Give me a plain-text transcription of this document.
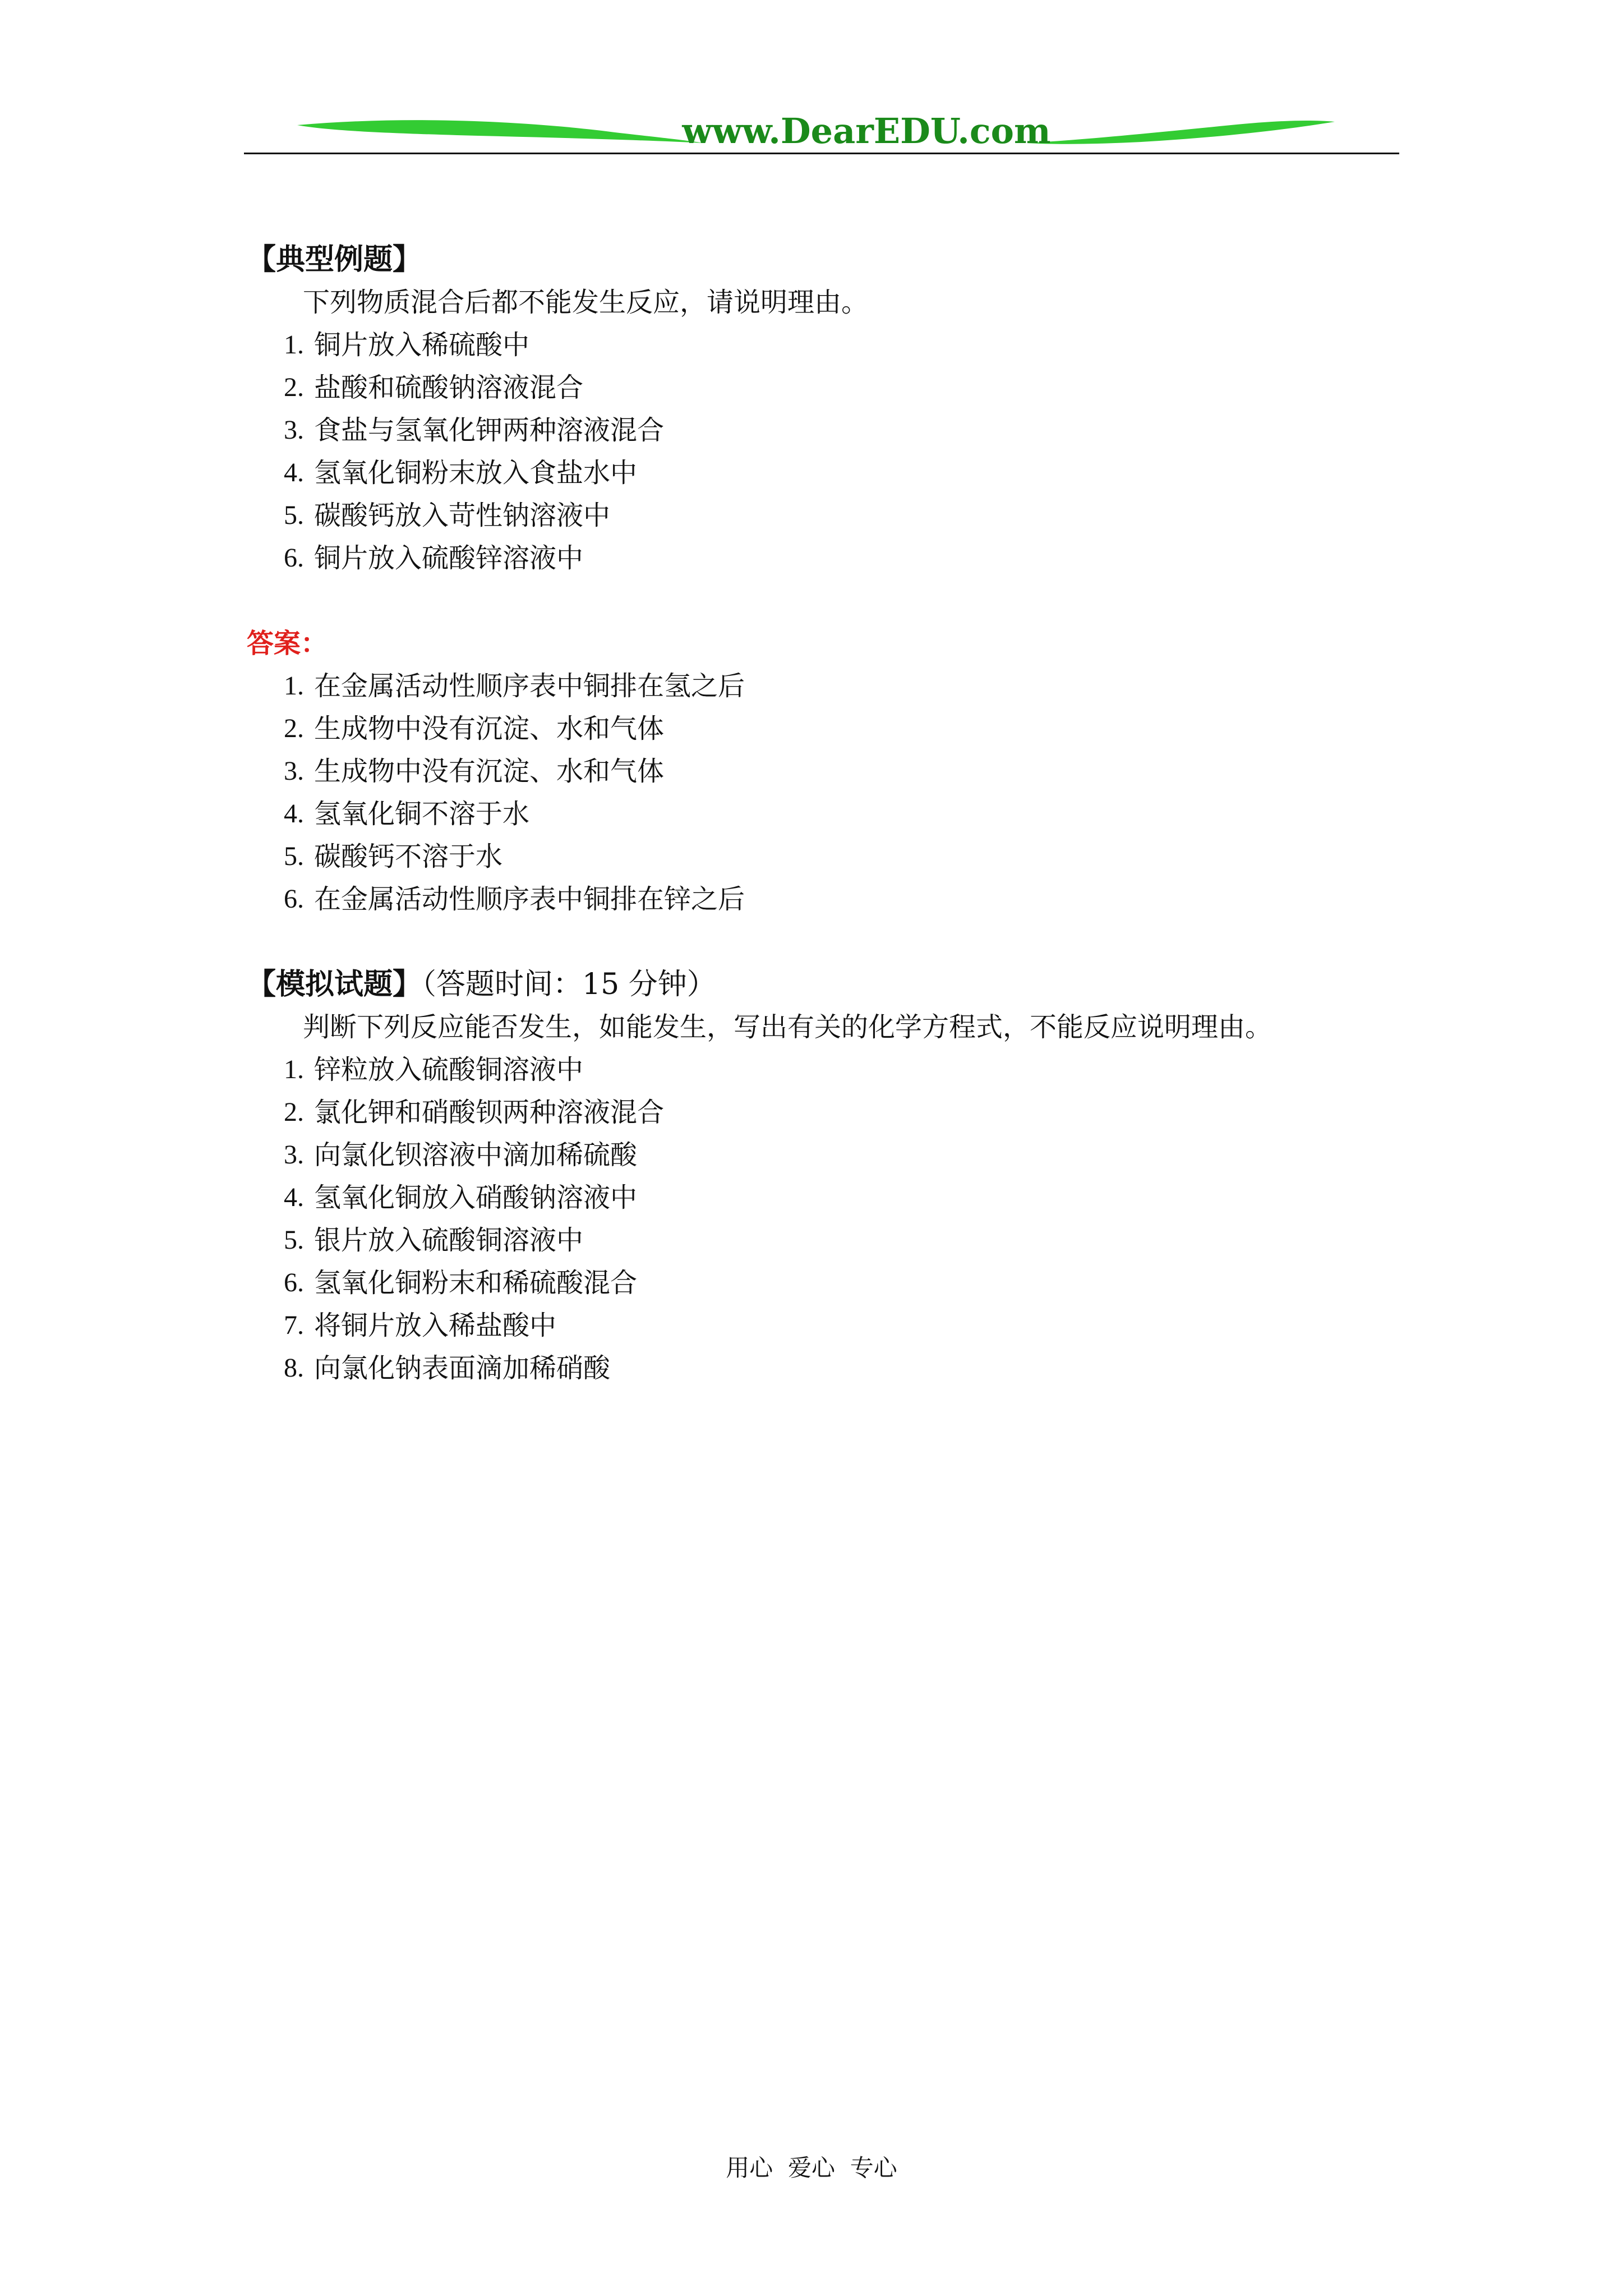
www.DearEDU.com
【典型例题】
下列物质混合后都不能发生反应，请说明理由。
1. 铜片放入稀硫酸中
2. 盐酸和硫酸钠溶液混合
3. 食盐与氢氧化钾两种溶液混合
4. 氢氧化铜粉末放入食盐水中
5. 碳酸钙放入苛性钠溶液中
6. 铜片放入硫酸锌溶液中
答案：
1. 在金属活动性顺序表中铜排在氢之后
2. 生成物中没有沉淀、水和气体
3. 生成物中没有沉淀、水和气体
4. 氢氧化铜不溶于水
5. 碳酸钙不溶于水
6. 在金属活动性顺序表中铜排在锌之后
【模拟试题】（答题时间：15 分钟）
判断下列反应能否发生，如能发生，写出有关的化学方程式，不能反应说明理由。
1. 锌粒放入硫酸铜溶液中
2. 氯化钾和硝酸钡两种溶液混合
3. 向氯化钡溶液中滴加稀硫酸
4. 氢氧化铜放入硝酸钠溶液中
5. 银片放入硫酸铜溶液中
6. 氢氧化铜粉末和稀硫酸混合
7. 将铜片放入稀盐酸中
8. 向氯化钠表面滴加稀硝酸
用心  爱心  专心
